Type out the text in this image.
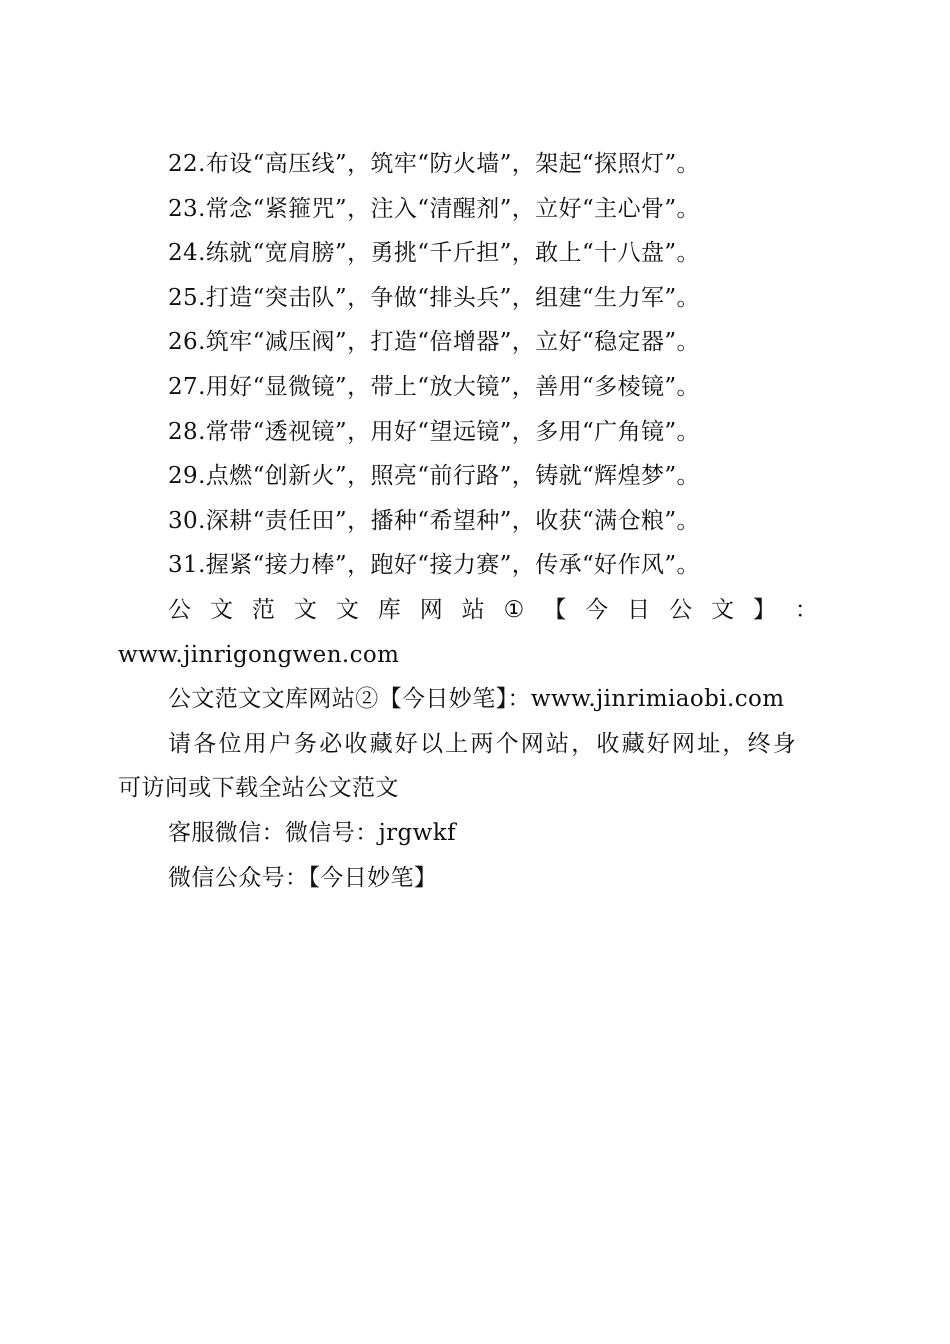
22.布设“高压线”，筑牢“防火墙”，架起“探照灯”。
23.常念“紧箍咒”，注入“清醒剂”，立好“主心骨”。
24.练就“宽肩膀”，勇挑“千斤担”，敢上“十八盘”。
25.打造“突击队”，争做“排头兵”，组建“生力军”。
26.筑牢“减压阀”，打造“倍增器”，立好“稳定器”。
27.用好“显微镜”，带上“放大镜”，善用“多棱镜”。
28.常带“透视镜”，用好“望远镜”，多用“广角镜”。
29.点燃“创新火”，照亮“前行路”，铸就“辉煌梦”。
30.深耕“责任田”，播种“希望种”，收获“满仓粮”。
31.握紧“接力棒”，跑好“接力赛”，传承“好作风”。
公 文 范 文 文 库 网 站 ① 【 今 日 公 文 】 ：
www.jinrigongwen.com
公文范文文库网站②【今日妙笔】：www.jinrimiaobi.com
请各位用户务必收藏好以上两个网站，收藏好网址，终身
可访问或下载全站公文范文
客服微信：微信号：jrgwkf
微信公众号：【今日妙笔】
